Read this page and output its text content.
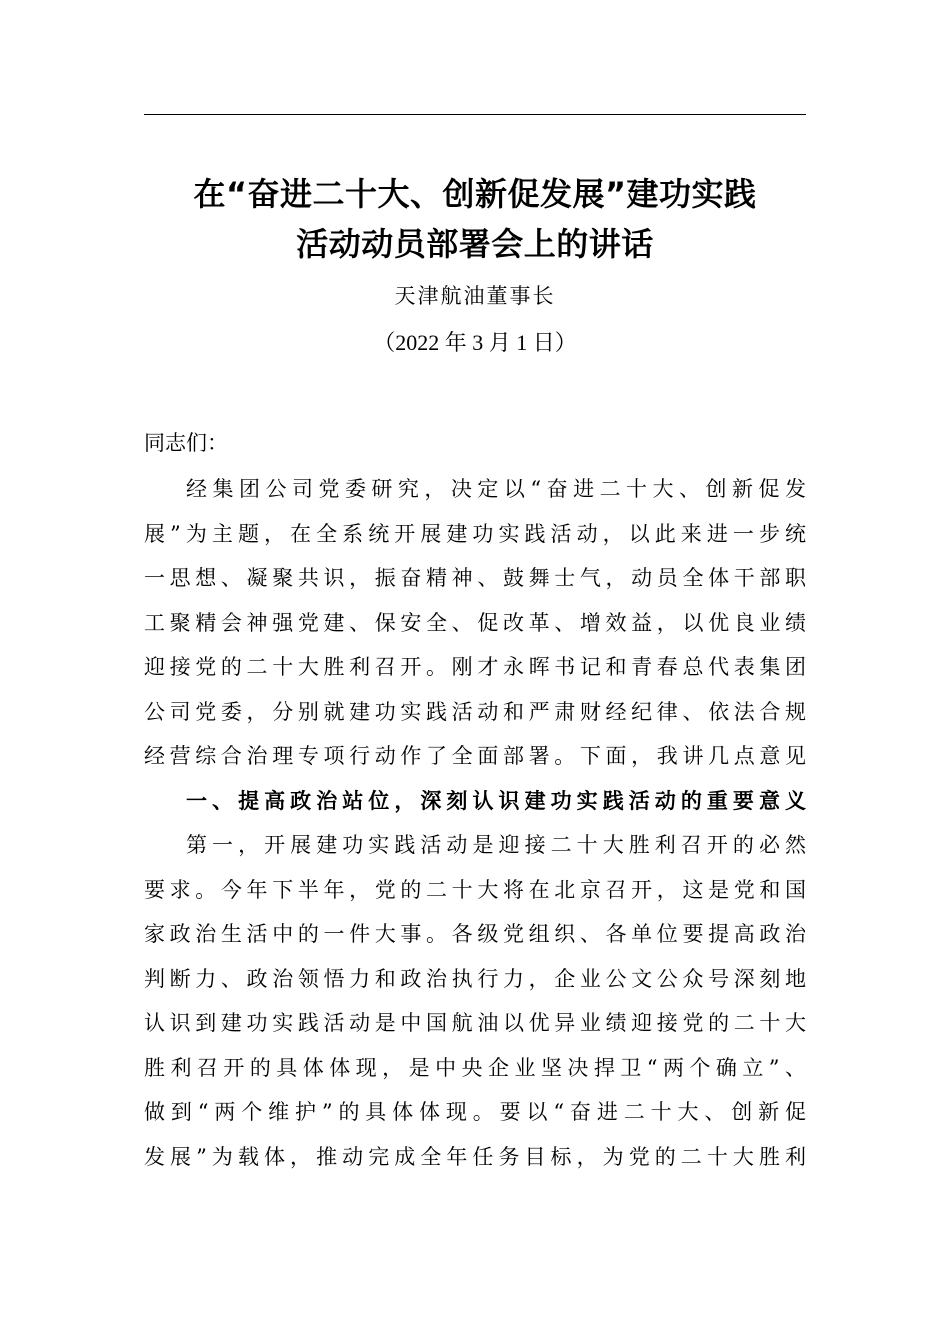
在“奋进二十大、创新促发展”建功实践
活动动员部署会上的讲话
天津航油董事长
（2022 年 3 月 1 日）
同志们：
经集团公司党委研究，决定以“奋进二十大、创新促发
展”为主题，在全系统开展建功实践活动，以此来进一步统
一思想、凝聚共识，振奋精神、鼓舞士气，动员全体干部职
工聚精会神强党建、保安全、促改革、增效益，以优良业绩
迎接党的二十大胜利召开。刚才永晖书记和青春总代表集团
公司党委，分别就建功实践活动和严肃财经纪律、依法合规
经营综合治理专项行动作了全面部署。下面，我讲几点意见
一、提高政治站位，深刻认识建功实践活动的重要意义
第一，开展建功实践活动是迎接二十大胜利召开的必然
要求。今年下半年，党的二十大将在北京召开，这是党和国
家政治生活中的一件大事。各级党组织、各单位要提高政治
判断力、政治领悟力和政治执行力，企业公文公众号深刻地
认识到建功实践活动是中国航油以优异业绩迎接党的二十大
胜利召开的具体体现，是中央企业坚决捍卫“两个确立”、
做到“两个维护”的具体体现。要以“奋进二十大、创新促
发展”为载体，推动完成全年任务目标，为党的二十大胜利
